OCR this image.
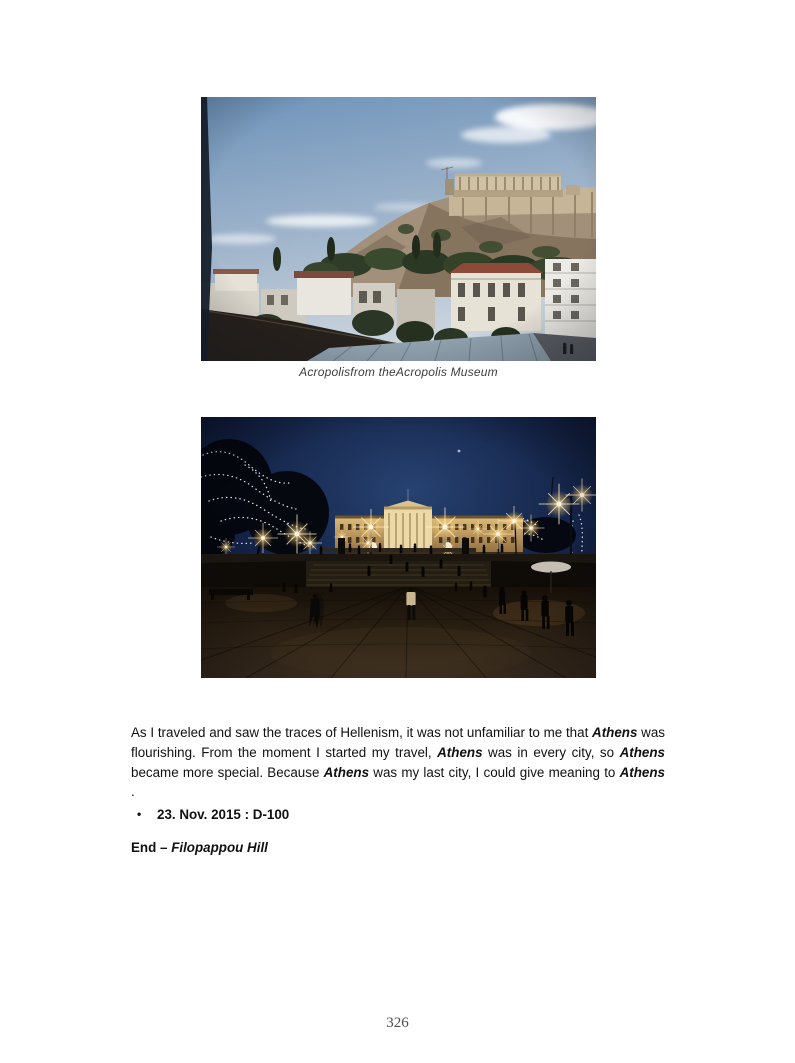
Acropolisfrom theAcropolis Museum

As I traveled and saw the traces of Hellenism, it was not unfamiliar to me that Athens was flourishing. From the moment I started my travel, Athens was in every city, so Athens became more special. Because Athens was my last city, I could give meaning to Athens .

•	23. Nov. 2015 : D-100
End – Filopappou Hill
326
